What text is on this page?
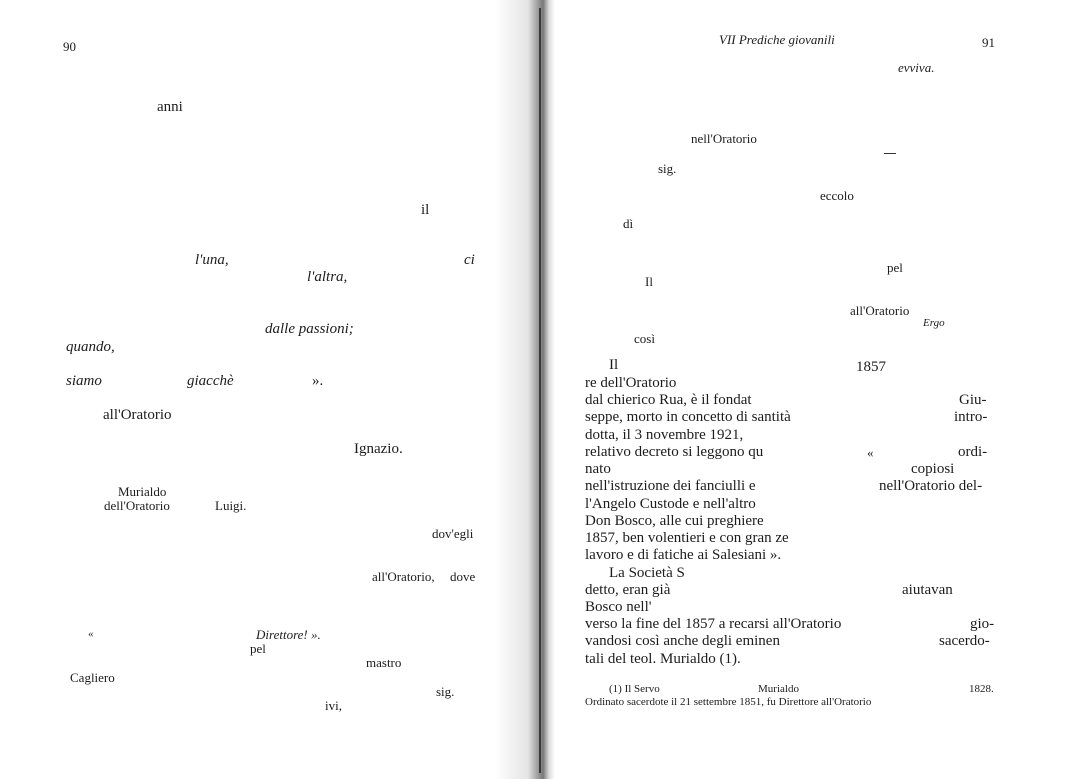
90
anni
il
l'una,	ci
l'altra,
dalle passioni;
quando,
siamo	giacchè	».
all'Oratorio
Ignazio.
Murialdo
dell'Oratorio	Luigi.
dov'egli
all'Oratorio, dove
«	Direttore! ».
pel
mastro
Cagliero
sig.
ivi,
VII Prediche giovanili	91
evviva.
nell'Oratorio
sig.
eccolo
dì
pel
Il
all'Oratorio
Ergo
così
Il	1857
re dell'Oratorio
dal chierico Rua, è il fondat	Giu-
seppe, morto in concetto di santità	intro-
dotta, il 3 novembre 1921,
relativo decreto si leggono qu	«	ordi-
nato	copiosi
nell'istruzione dei fanciulli e	nell'Oratorio del-
l'Angelo Custode e nell'altro
Don Bosco, alle cui preghiere
1857, ben volentieri e con gran ze
lavoro e di fatiche ai Salesiani ».
La Società S
detto, eran già	aiutavan
Bosco nell'
verso la fine del 1857 a recarsi all'Oratorio	gio-
vandosi così anche degli eminen	sacerdo-
tali del teol. Murialdo (1).
(1) Il Servo	Murialdo	1828.
Ordinato sacerdote il 21 settembre 1851, fu Direttore all'Oratorio
